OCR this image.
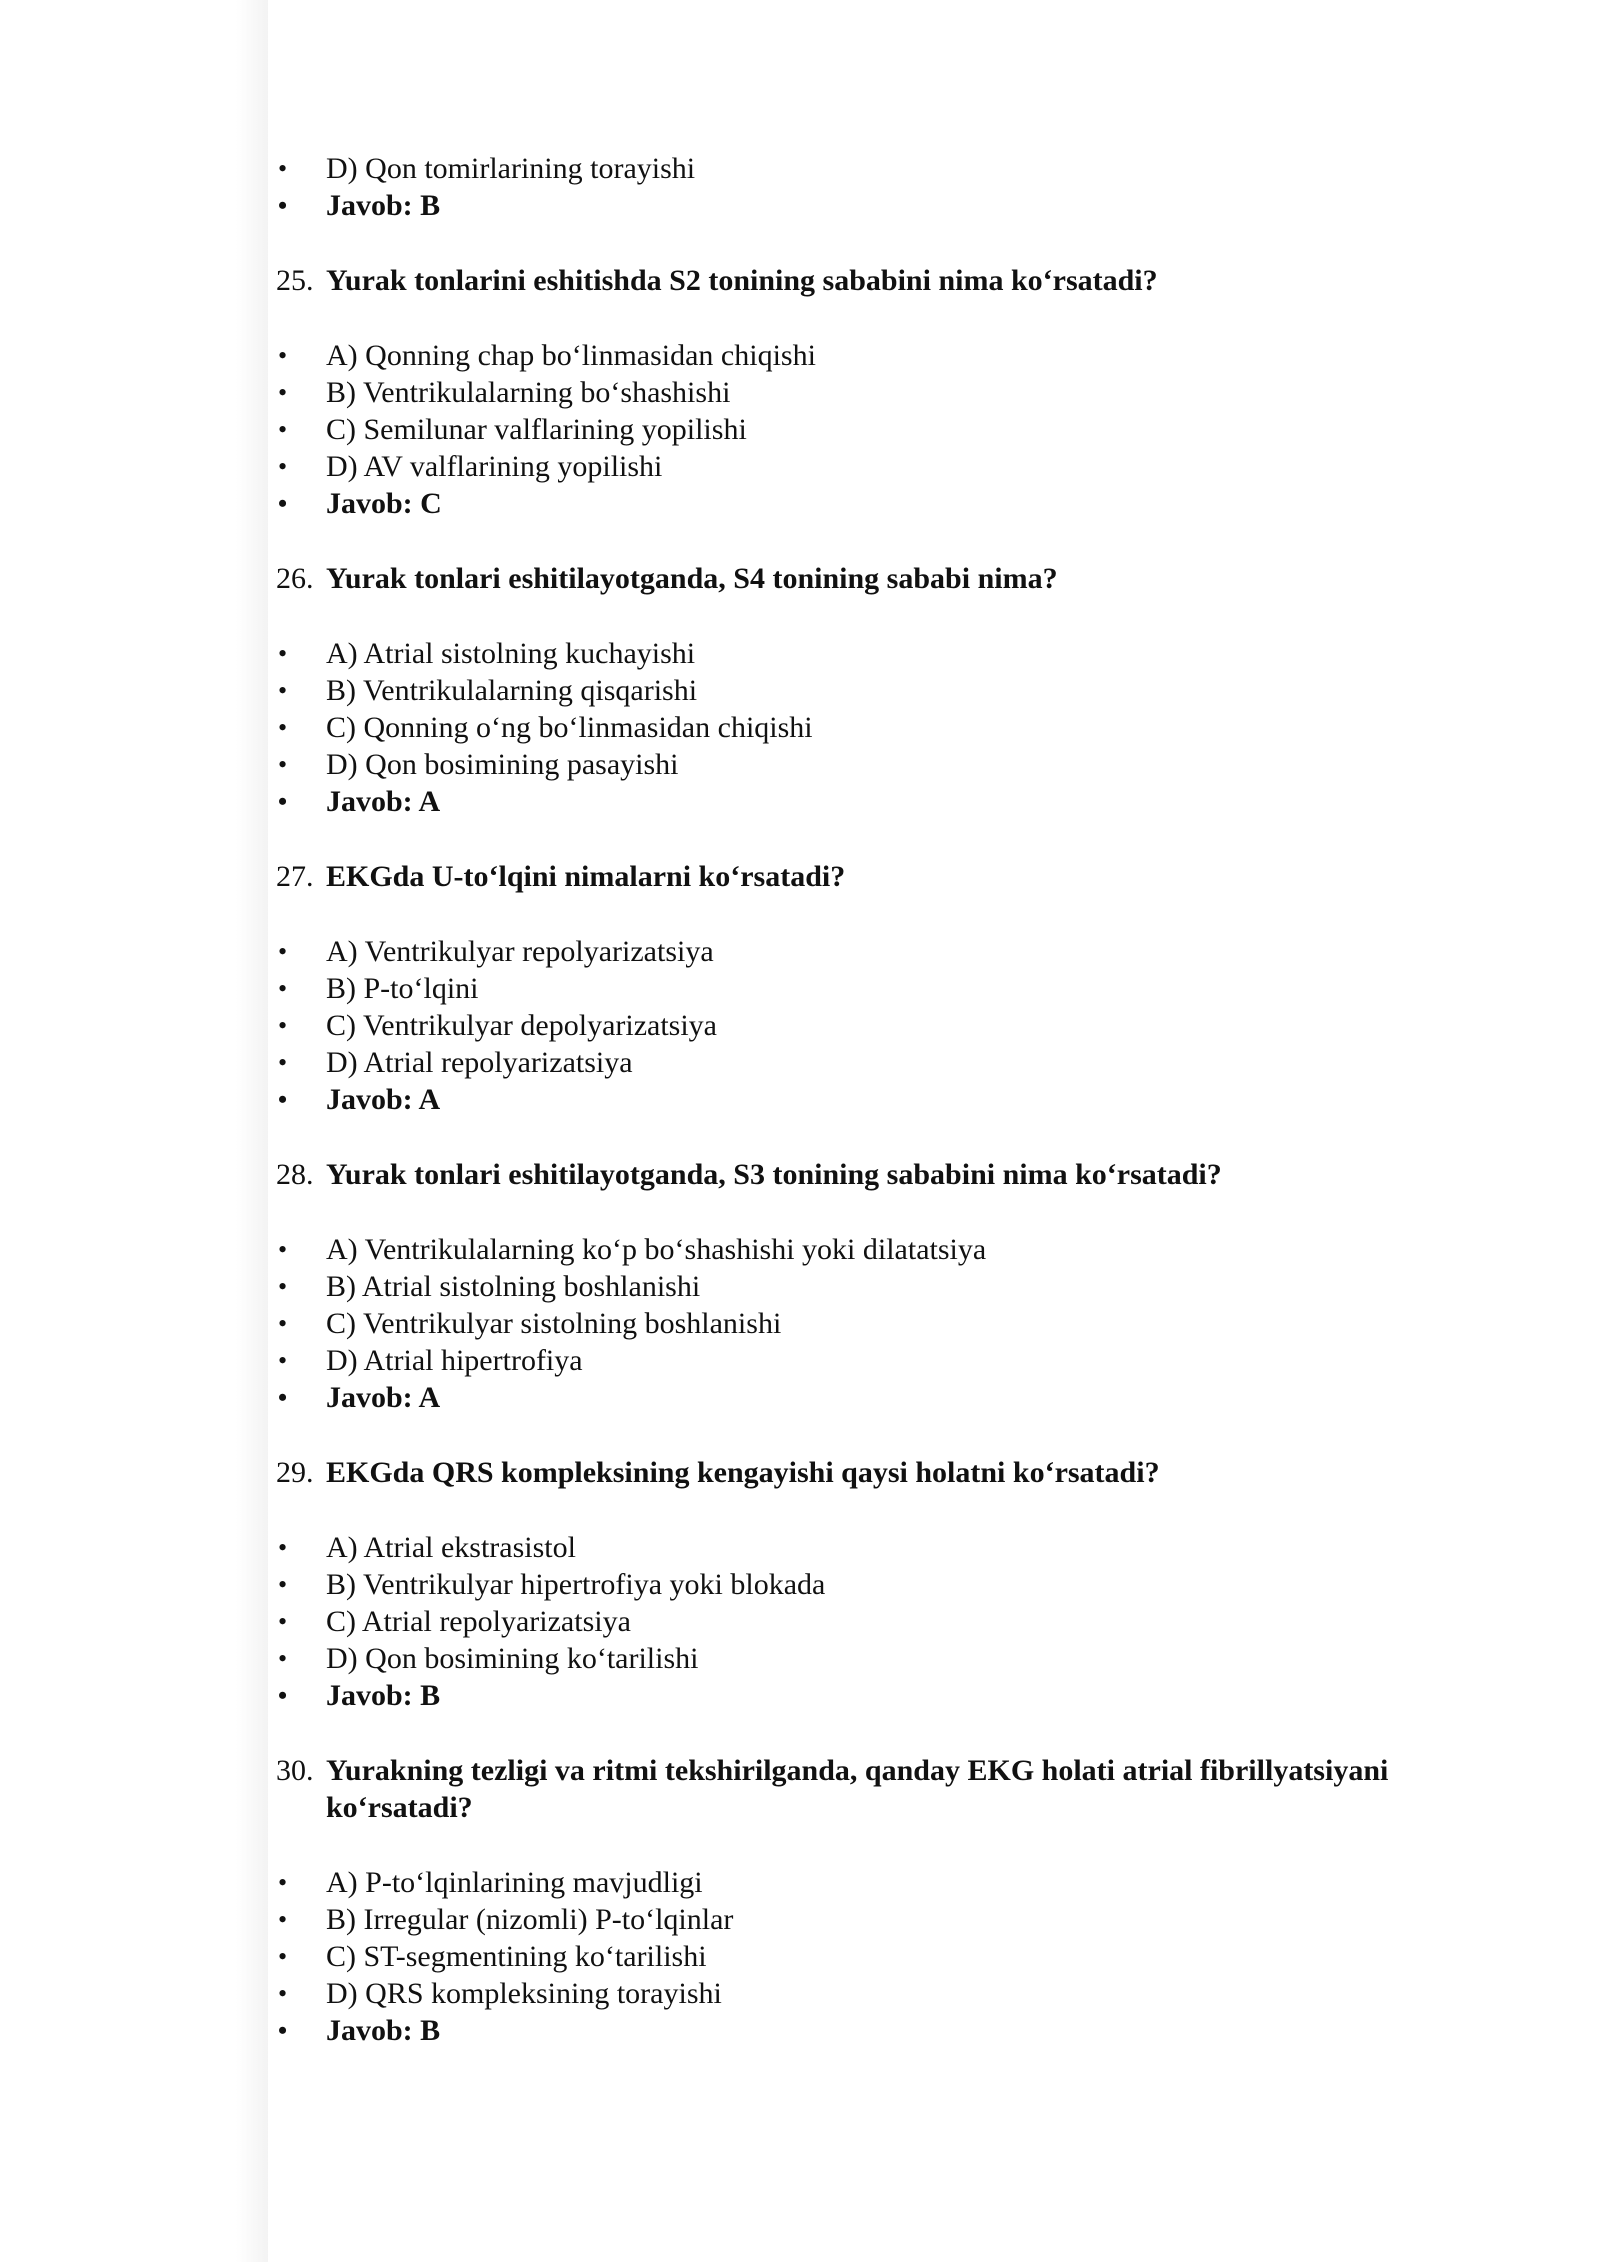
• D) Qon tomirlarining torayishi
• Javob: B
25. Yurak tonlarini eshitishda S2 tonining sababini nima ko‘rsatadi?
• A) Qonning chap bo‘linmasidan chiqishi
• B) Ventrikulalarning bo‘shashishi
• C) Semilunar valflarining yopilishi
• D) AV valflarining yopilishi
• Javob: C
26. Yurak tonlari eshitilayotganda, S4 tonining sababi nima?
• A) Atrial sistolning kuchayishi
• B) Ventrikulalarning qisqarishi
• C) Qonning o‘ng bo‘linmasidan chiqishi
• D) Qon bosimining pasayishi
• Javob: A
27. EKGda U-to‘lqini nimalarni ko‘rsatadi?
• A) Ventrikulyar repolyarizatsiya
• B) P-to‘lqini
• C) Ventrikulyar depolyarizatsiya
• D) Atrial repolyarizatsiya
• Javob: A
28. Yurak tonlari eshitilayotganda, S3 tonining sababini nima ko‘rsatadi?
• A) Ventrikulalarning ko‘p bo‘shashishi yoki dilatatsiya
• B) Atrial sistolning boshlanishi
• C) Ventrikulyar sistolning boshlanishi
• D) Atrial hipertrofiya
• Javob: A
29. EKGda QRS kompleksining kengayishi qaysi holatni ko‘rsatadi?
• A) Atrial ekstrasistol
• B) Ventrikulyar hipertrofiya yoki blokada
• C) Atrial repolyarizatsiya
• D) Qon bosimining ko‘tarilishi
• Javob: B
30. Yurakning tezligi va ritmi tekshirilganda, qanday EKG holati atrial fibrillyatsiyani ko‘rsatadi?
• A) P-to‘lqinlarining mavjudligi
• B) Irregular (nizomli) P-to‘lqinlar
• C) ST-segmentining ko‘tarilishi
• D) QRS kompleksining torayishi
• Javob: B
